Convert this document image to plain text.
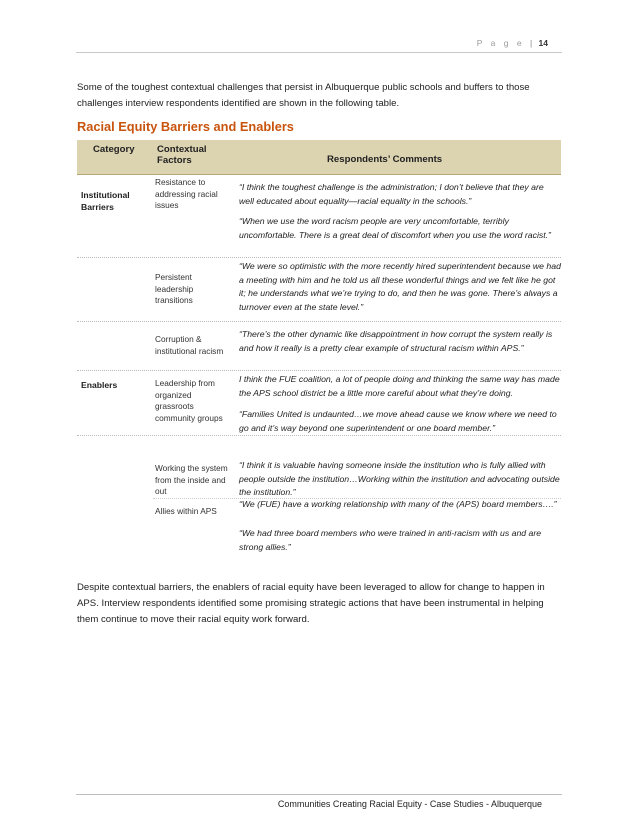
P a g e | 14
Some of the toughest contextual challenges that persist in Albuquerque public schools and buffers to those challenges interview respondents identified are shown in the following table.
Racial Equity Barriers and Enablers
Category Contextual Factors	Respondents’ Comments
Institutional Barriers
Resistance to addressing racial issues

“I think the toughest challenge is the administration; I don’t believe that they are well educated about equality—racial equality in the schools.”

“When we use the word racism people are very uncomfortable, terribly uncomfortable. There is a great deal of discomfort when you use the word racist.”

Persistent leadership transitions

“We were so optimistic with the more recently hired superintendent because we had a meeting with him and he told us all these wonderful things and we felt like he got it; he understands what we’re trying to do, and then he was gone. There’s always a turnover even at the state level.”

Corruption & institutional racism

“There’s the other dynamic like disappointment in how corrupt the system really is and how it really is a pretty clear example of structural racism within APS.”

Enablers	Leadership from organized grassroots community groups

I think the FUE coalition, a lot of people doing and thinking the same way has made the APS school district be a little more careful about what they’re doing.

“Families United is undaunted…we move ahead cause we know where we need to go and it’s way beyond one superintendent or one board member.”

Working the system from the inside and out

“I think it is valuable having someone inside the institution who is fully allied with people outside the institution…Working within the institution and advocating outside the institution.”

Allies within APS

“We (FUE) have a working relationship with many of the (APS) board members….”

“We had three board members who were trained in anti-racism with us and are strong allies.”

Despite contextual barriers, the enablers of racial equity have been leveraged to allow for change to happen in APS. Interview respondents identified some promising strategic actions that have been instrumental in helping them continue to move their racial equity work forward.
Communities Creating Racial Equity - Case Studies - Albuquerque
